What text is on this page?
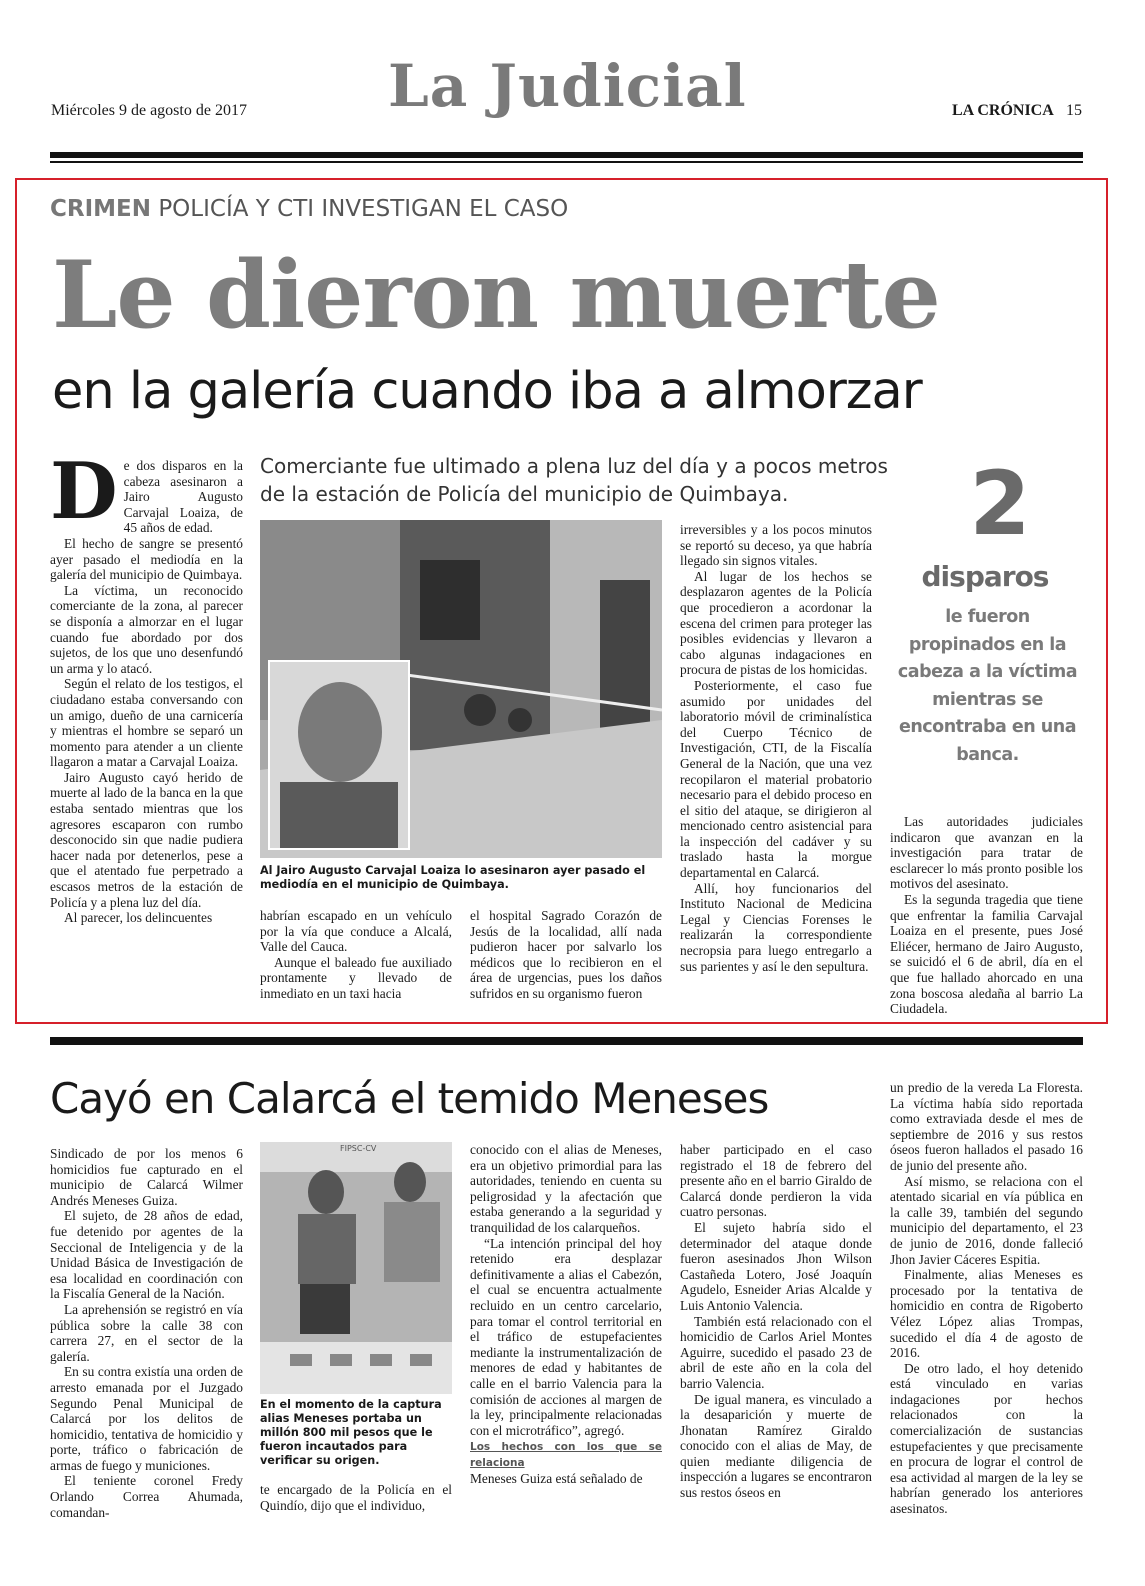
Miércoles 9 de agosto de 2017 La Judicial	LA CRÓNICA 15
CRIMEN POLICÍA Y CTI INVESTIGAN EL CASO
Le dieron muerte
en la galería cuando iba a almorzar
D e dos disparos en la cabeza asesinaron a Jairo Augusto Carvajal Loaiza, de 45 años de edad.

El hecho de sangre se presentó ayer pasado el mediodía en la galería del municipio de Quimbaya.

La víctima, un reconocido comerciante de la zona, al parecer se disponía a almorzar en el lugar cuando fue abordado por dos sujetos, de los que uno desenfundó un arma y lo atacó.

Según el relato de los testigos, el ciudadano estaba conversando con un amigo, dueño de una carnicería y mientras el hombre se separó un momento para atender a un cliente llagaron a matar a Carvajal Loaiza.

Jairo Augusto cayó herido de muerte al lado de la banca en la que estaba sentado mientras que los agresores escaparon con rumbo desconocido sin que nadie pudiera hacer nada por detenerlos, pese a que el atentado fue perpetrado a escasos metros de la estación de Policía y a plena luz del día.

Al parecer, los delincuentes

Comerciante fue ultimado a plena luz del día y a pocos metros de la estación de Policía del municipio de Quimbaya.
Al Jairo Augusto Carvajal Loaiza lo asesinaron ayer pasado el mediodía en el municipio de Quimbaya.

habrían escapado en un vehículo por la vía que conduce a Alcalá, Valle del Cauca.

Aunque el baleado fue auxiliado prontamente y llevado de inmediato en un taxi hacia

el hospital Sagrado Corazón de Jesús de la localidad, allí nada pudieron hacer por salvarlo los médicos que lo recibieron en el área de urgencias, pues los daños sufridos en su organismo fueron

irreversibles y a los pocos minutos se reportó su deceso, ya que habría llegado sin signos vitales.

Al lugar de los hechos se desplazaron agentes de la Policía que procedieron a acordonar la escena del crimen para proteger las posibles evidencias y llevaron a cabo algunas indagaciones en procura de pistas de los homicidas.

Posteriormente, el caso fue asumido por unidades del laboratorio móvil de criminalística del Cuerpo Técnico de Investigación, CTI, de la Fiscalía General de la Nación, que una vez recopilaron el material probatorio necesario para el debido proceso en el sitio del ataque, se dirigieron al mencionado centro asistencial para la inspección del cadáver y su traslado hasta la morgue departamental en Calarcá.

Allí, hoy funcionarios del Instituto Nacional de Medicina Legal y Ciencias Forenses le realizarán la correspondiente necropsia para luego entregarlo a sus parientes y así le den sepultura.

2
disparos
le fueron propinados en la cabeza a la víctima mientras se encontraba en una banca.

Las autoridades judiciales indicaron que avanzan en la investigación para tratar de esclarecer lo más pronto posible los motivos del asesinato.

Es la segunda tragedia que tiene que enfrentar la familia Carvajal Loaiza en el presente, pues José Eliécer, hermano de Jairo Augusto, se suicidó el 6 de abril, día en el que fue hallado ahorcado en una zona boscosa aledaña al barrio La Ciudadela.

Cayó en Calarcá el temido Meneses

Sindicado de por los menos 6 homicidios fue capturado en el municipio de Calarcá Wilmer Andrés Meneses Guiza.

El sujeto, de 28 años de edad, fue detenido por agentes de la Seccional de Inteligencia y de la Unidad Básica de Investigación de esa localidad en coordinación con la Fiscalía General de la Nación.

La aprehensión se registró en vía pública sobre la calle 38 con carrera 27, en el sector de la galería.

En su contra existía una orden de arresto emanada por el Juzgado Segundo Penal Municipal de Calarcá por los delitos de homicidio, tentativa de homicidio y porte, tráfico o fabricación de armas de fuego y municiones.

El teniente coronel Fredy Orlando Correa Ahumada, comandan-

FIPSC-CV
En el momento de la captura alias Meneses portaba un millón 800 mil pesos que le fueron incautados para verificar su origen.

te encargado de la Policía en el Quindío, dijo que el individuo,

conocido con el alias de Meneses, era un objetivo primordial para las autoridades, teniendo en cuenta su peligrosidad y la afectación que estaba generando a la seguridad y tranquilidad de los calarqueños.

“La intención principal del hoy retenido era desplazar definitivamente a alias el Cabezón, el cual se encuentra actualmente recluido en un centro carcelario, para tomar el control territorial en el tráfico de estupefacientes mediante la instrumentalización de menores de edad y habitantes de calle en el barrio Valencia para la comisión de acciones al margen de la ley, principalmente relacionadas con el microtráfico”, agregó.

Los hechos con los que se relaciona

Meneses Guiza está señalado de

haber participado en el caso registrado el 18 de febrero del presente año en el barrio Giraldo de Calarcá donde perdieron la vida cuatro personas.

El sujeto habría sido el determinador del ataque donde fueron asesinados Jhon Wilson Castañeda Lotero, José Joaquín Agudelo, Esneider Arias Alcalde y Luis Antonio Valencia.

También está relacionado con el homicidio de Carlos Ariel Montes Aguirre, sucedido el pasado 23 de abril de este año en la cola del barrio Valencia.

De igual manera, es vinculado a la desaparición y muerte de Jhonatan Ramírez Giraldo conocido con el alias de May, de quien mediante diligencia de inspección a lugares se encontraron sus restos óseos en

un predio de la vereda La Floresta. La víctima había sido reportada como extraviada desde el mes de septiembre de 2016 y sus restos óseos fueron hallados el pasado 16 de junio del presente año.

Así mismo, se relaciona con el atentado sicarial en vía pública en la calle 39, también del segundo municipio del departamento, el 23 de junio de 2016, donde falleció Jhon Javier Cáceres Espitia.

Finalmente, alias Meneses es procesado por la tentativa de homicidio en contra de Rigoberto Vélez López alias Trompas, sucedido el día 4 de agosto de 2016.

De otro lado, el hoy detenido está vinculado en varias indagaciones por hechos relacionados con la comercialización de sustancias estupefacientes y que precisamente en procura de lograr el control de esa actividad al margen de la ley se habrían generado los anteriores asesinatos.
